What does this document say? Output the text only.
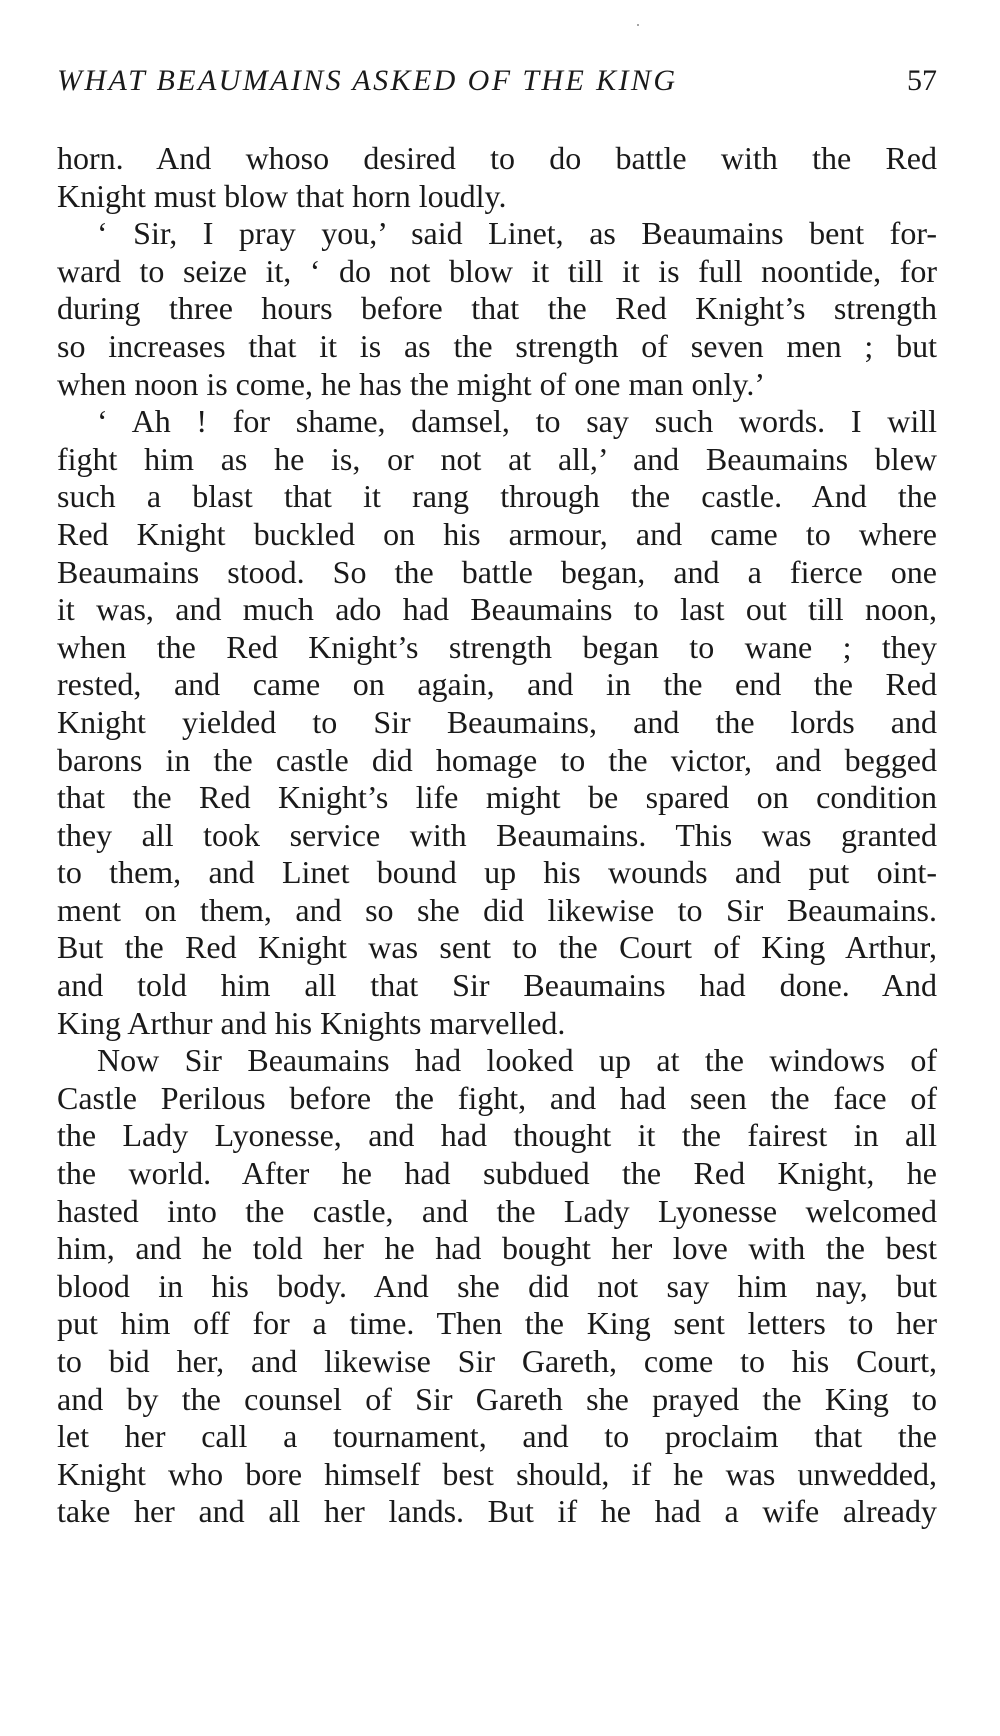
WHAT BEAUMAINS ASKED OF THE KING	57
horn. And whoso desired to do battle with the Red
Knight must blow that horn loudly.
‘ Sir, I pray you,’ said Linet, as Beaumains bent for-
ward to seize it, ‘ do not blow it till it is full noontide, for
during three hours before that the Red Knight’s strength
so increases that it is as the strength of seven men ; but
when noon is come, he has the might of one man only.’
‘ Ah ! for shame, damsel, to say such words. I will
fight him as he is, or not at all,’ and Beaumains blew
such a blast that it rang through the castle. And the
Red Knight buckled on his armour, and came to where
Beaumains stood. So the battle began, and a fierce one
it was, and much ado had Beaumains to last out till noon,
when the Red Knight’s strength began to wane ; they
rested, and came on again, and in the end the Red
Knight yielded to Sir Beaumains, and the lords and
barons in the castle did homage to the victor, and begged
that the Red Knight’s life might be spared on condition
they all took service with Beaumains. This was granted
to them, and Linet bound up his wounds and put oint-
ment on them, and so she did likewise to Sir Beaumains.
But the Red Knight was sent to the Court of King Arthur,
and told him all that Sir Beaumains had done. And
King Arthur and his Knights marvelled.
Now Sir Beaumains had looked up at the windows of
Castle Perilous before the fight, and had seen the face of
the Lady Lyonesse, and had thought it the fairest in all
the world. After he had subdued the Red Knight, he
hasted into the castle, and the Lady Lyonesse welcomed
him, and he told her he had bought her love with the best
blood in his body. And she did not say him nay, but
put him off for a time. Then the King sent letters to her
to bid her, and likewise Sir Gareth, come to his Court,
and by the counsel of Sir Gareth she prayed the King to
let her call a tournament, and to proclaim that the
Knight who bore himself best should, if he was unwedded,
take her and all her lands. But if he had a wife already
